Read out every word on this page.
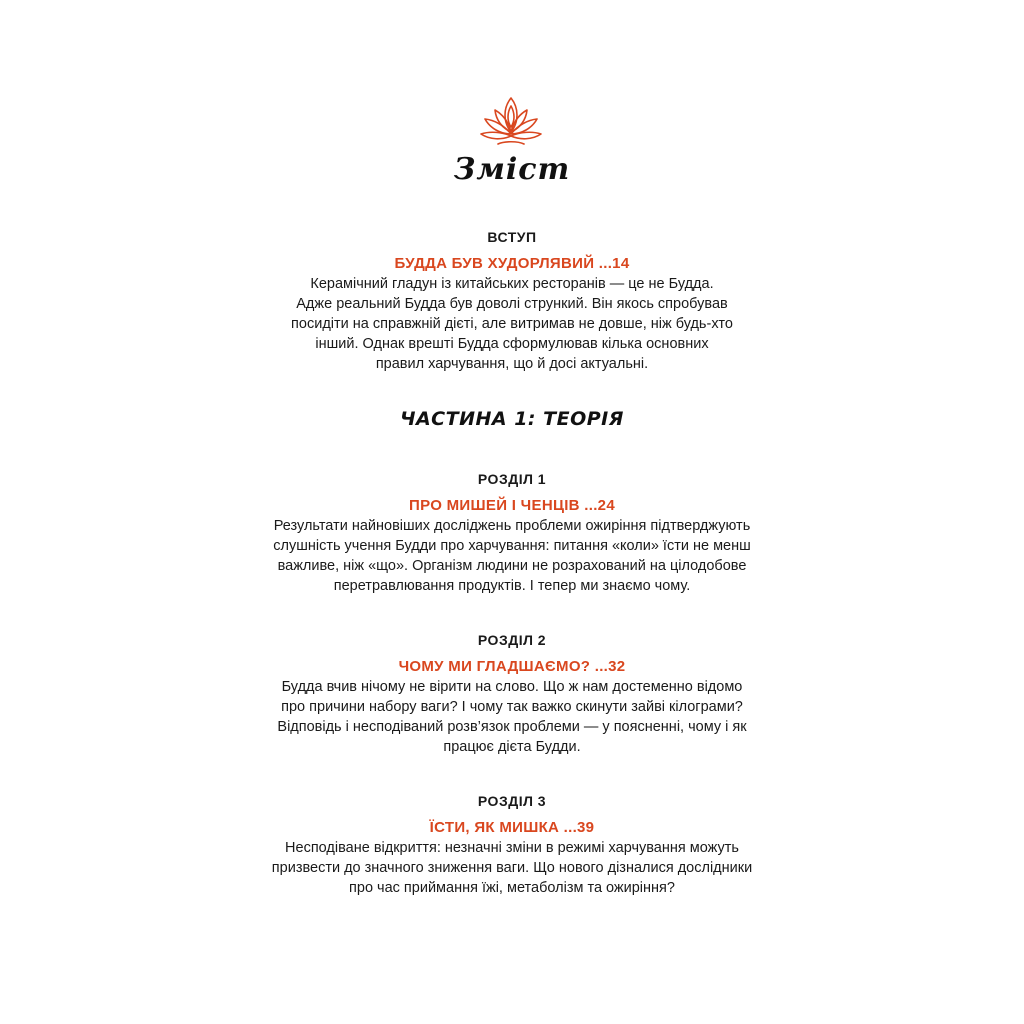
Зміст
ВСТУП
БУДДА БУВ ХУДОРЛЯВИЙ ...14
Керамічний гладун із китайських ресторанів — це не Будда.
Адже реальний Будда був доволі стрункий. Він якось спробував
посидіти на справжній дієті, але витримав не довше, ніж будь-хто
інший. Однак врешті Будда сформулював кілька основних
правил харчування, що й досі актуальні.
ЧАСТИНА 1: ТЕОРІЯ
РОЗДІЛ 1
ПРО МИШЕЙ І ЧЕНЦІВ ...24
Результати найновіших досліджень проблеми ожиріння підтверджують
слушність учення Будди про харчування: питання «коли» їсти не менш
важливе, ніж «що». Організм людини не розрахований на цілодобове
перетравлювання продуктів. І тепер ми знаємо чому.
РОЗДІЛ 2
ЧОМУ МИ ГЛАДШАЄМО? ...32
Будда вчив нічому не вірити на слово. Що ж нам достеменно відомо
про причини набору ваги? І чому так важко скинути зайві кілограми?
Відповідь і несподіваний розв’язок проблеми — у поясненні, чому і як
працює дієта Будди.
РОЗДІЛ 3
ЇСТИ, ЯК МИШКА ...39
Несподіване відкриття: незначні зміни в режимі харчування можуть
призвести до значного зниження ваги. Що нового дізналися дослідники
про час приймання їжі, метаболізм та ожиріння?
